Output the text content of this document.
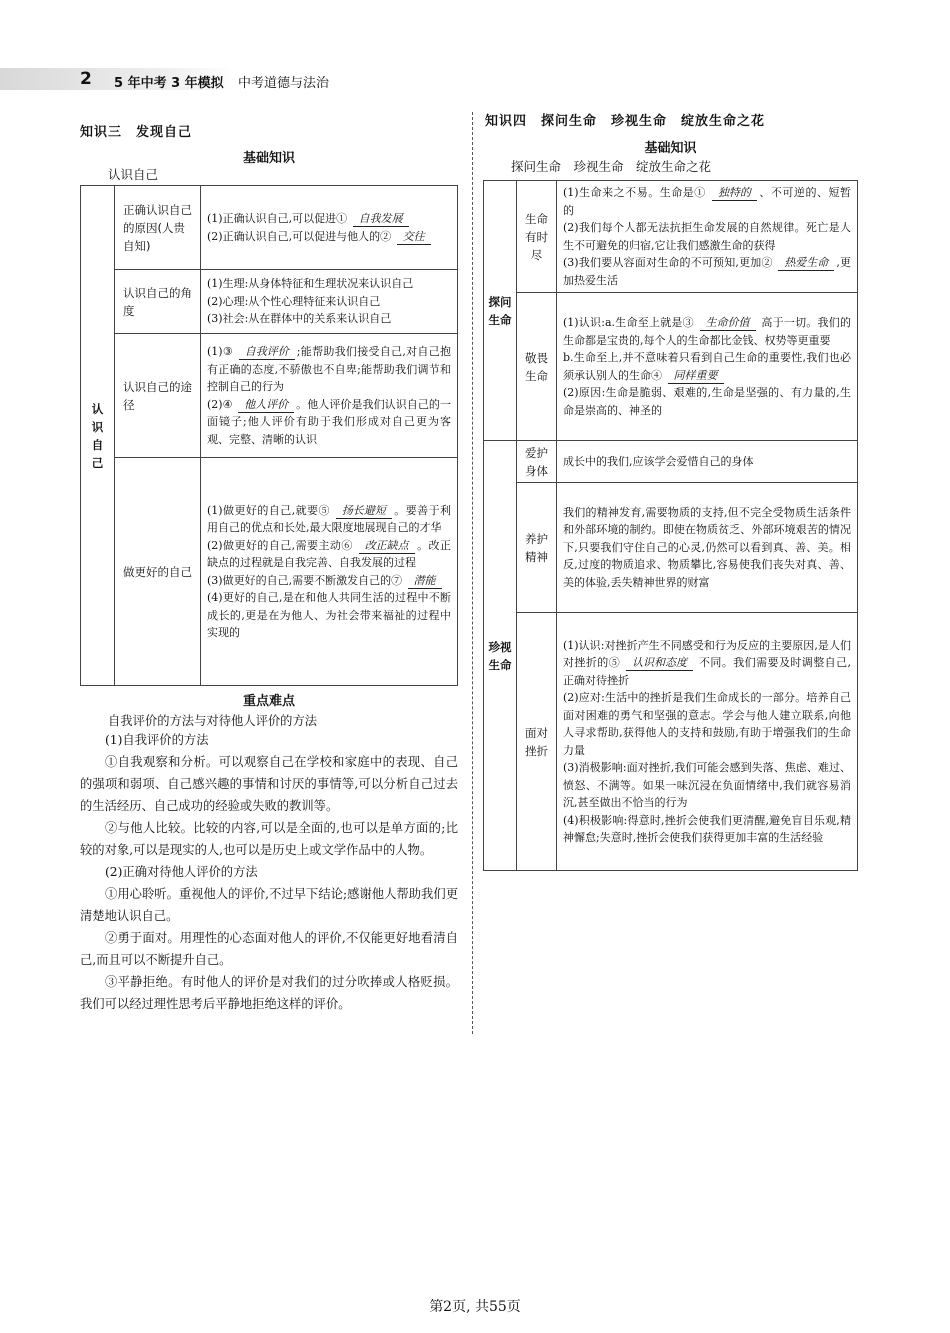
2 5 年中考 3 年模拟 中考道德与法治
知识三　发现自己
基础知识
认识自己
认识自己	正确认识自己的原因(人贵自知)	(1)正确认识自己,可以促进① 自我发展
(2)正确认识自己,可以促进与他人的② 交往

	认识自己的角度	(1)生理:从身体特征和生理状况来认识自己
(2)心理:从个性心理特征来认识自己
(3)社会:从在群体中的关系来认识自己

	认识自己的途径	(1)③ 自我评价 ;能帮助我们接受自己,对自己抱有正确的态度,不骄傲也不自卑;能帮助我们调节和控制自己的行为
(2)④ 他人评价 。他人评价是我们认识自己的一面镜子;他人评价有助于我们形成对自己更为客观、完整、清晰的认识

	做更好的自己	(1)做更好的自己,就要⑤ 扬长避短 。要善于利用自己的优点和长处,最大限度地展现自己的才华
(2)做更好的自己,需要主动⑥ 改正缺点 。改正缺点的过程就是自我完善、自我发展的过程
(3)做更好的自己,需要不断激发自己的⑦ 潜能
(4)更好的自己,是在和他人共同生活的过程中不断成长的,更是在为他人、为社会带来福祉的过程中实现的
重点难点
自我评价的方法与对待他人评价的方法

(1)自我评价的方法

①自我观察和分析。可以观察自己在学校和家庭中的表现、自己的强项和弱项、自己感兴趣的事情和讨厌的事情等,可以分析自己过去的生活经历、自己成功的经验或失败的教训等。

②与他人比较。比较的内容,可以是全面的,也可以是单方面的;比较的对象,可以是现实的人,也可以是历史上或文学作品中的人物。

(2)正确对待他人评价的方法

①用心聆听。重视他人的评价,不过早下结论;感谢他人帮助我们更清楚地认识自己。

②勇于面对。用理性的心态面对他人的评价,不仅能更好地看清自己,而且可以不断提升自己。

③平静拒绝。有时他人的评价是对我们的过分吹捧或人格贬损。我们可以经过理性思考后平静地拒绝这样的评价。

知识四　探问生命　珍视生命　绽放生命之花
基础知识
探问生命　珍视生命　绽放生命之花
探问生命	生命有时尽	(1)生命来之不易。生命是① 独特的 、不可逆的、短暂的
(2)我们每个人都无法抗拒生命发展的自然规律。死亡是人生不可避免的归宿,它让我们感激生命的获得
(3)我们要从容面对生命的不可预知,更加② 热爱生命 ,更加热爱生活

	敬畏生命	(1)认识:a.生命至上就是③ 生命价值 高于一切。我们的生命都是宝贵的,每个人的生命都比金钱、权势等更重要
b.生命至上,并不意味着只看到自己生命的重要性,我们也必须承认别人的生命④ 同样重要
(2)原因:生命是脆弱、艰难的,生命是坚强的、有力量的,生命是崇高的、神圣的

珍视生命	爱护身体	成长中的我们,应该学会爱惜自己的身体

	养护精神	我们的精神发育,需要物质的支持,但不完全受物质生活条件和外部环境的制约。即使在物质贫乏、外部环境艰苦的情况下,只要我们守住自己的心灵,仍然可以看到真、善、美。相反,过度的物质追求、物质攀比,容易使我们丧失对真、善、美的体验,丢失精神世界的财富

	面对挫折	(1)认识:对挫折产生不同感受和行为反应的主要原因,是人们对挫折的⑤ 认识和态度 不同。我们需要及时调整自己,正确对待挫折
(2)应对:生活中的挫折是我们生命成长的一部分。培养自己面对困难的勇气和坚强的意志。学会与他人建立联系,向他人寻求帮助,获得他人的支持和鼓励,有助于增强我们的生命力量
(3)消极影响:面对挫折,我们可能会感到失落、焦虑、难过、愤怒、不满等。如果一味沉浸在负面情绪中,我们就容易消沉,甚至做出不恰当的行为
(4)积极影响:得意时,挫折会使我们更清醒,避免盲目乐观,精神懈怠;失意时,挫折会使我们获得更加丰富的生活经验
第2页, 共55页
